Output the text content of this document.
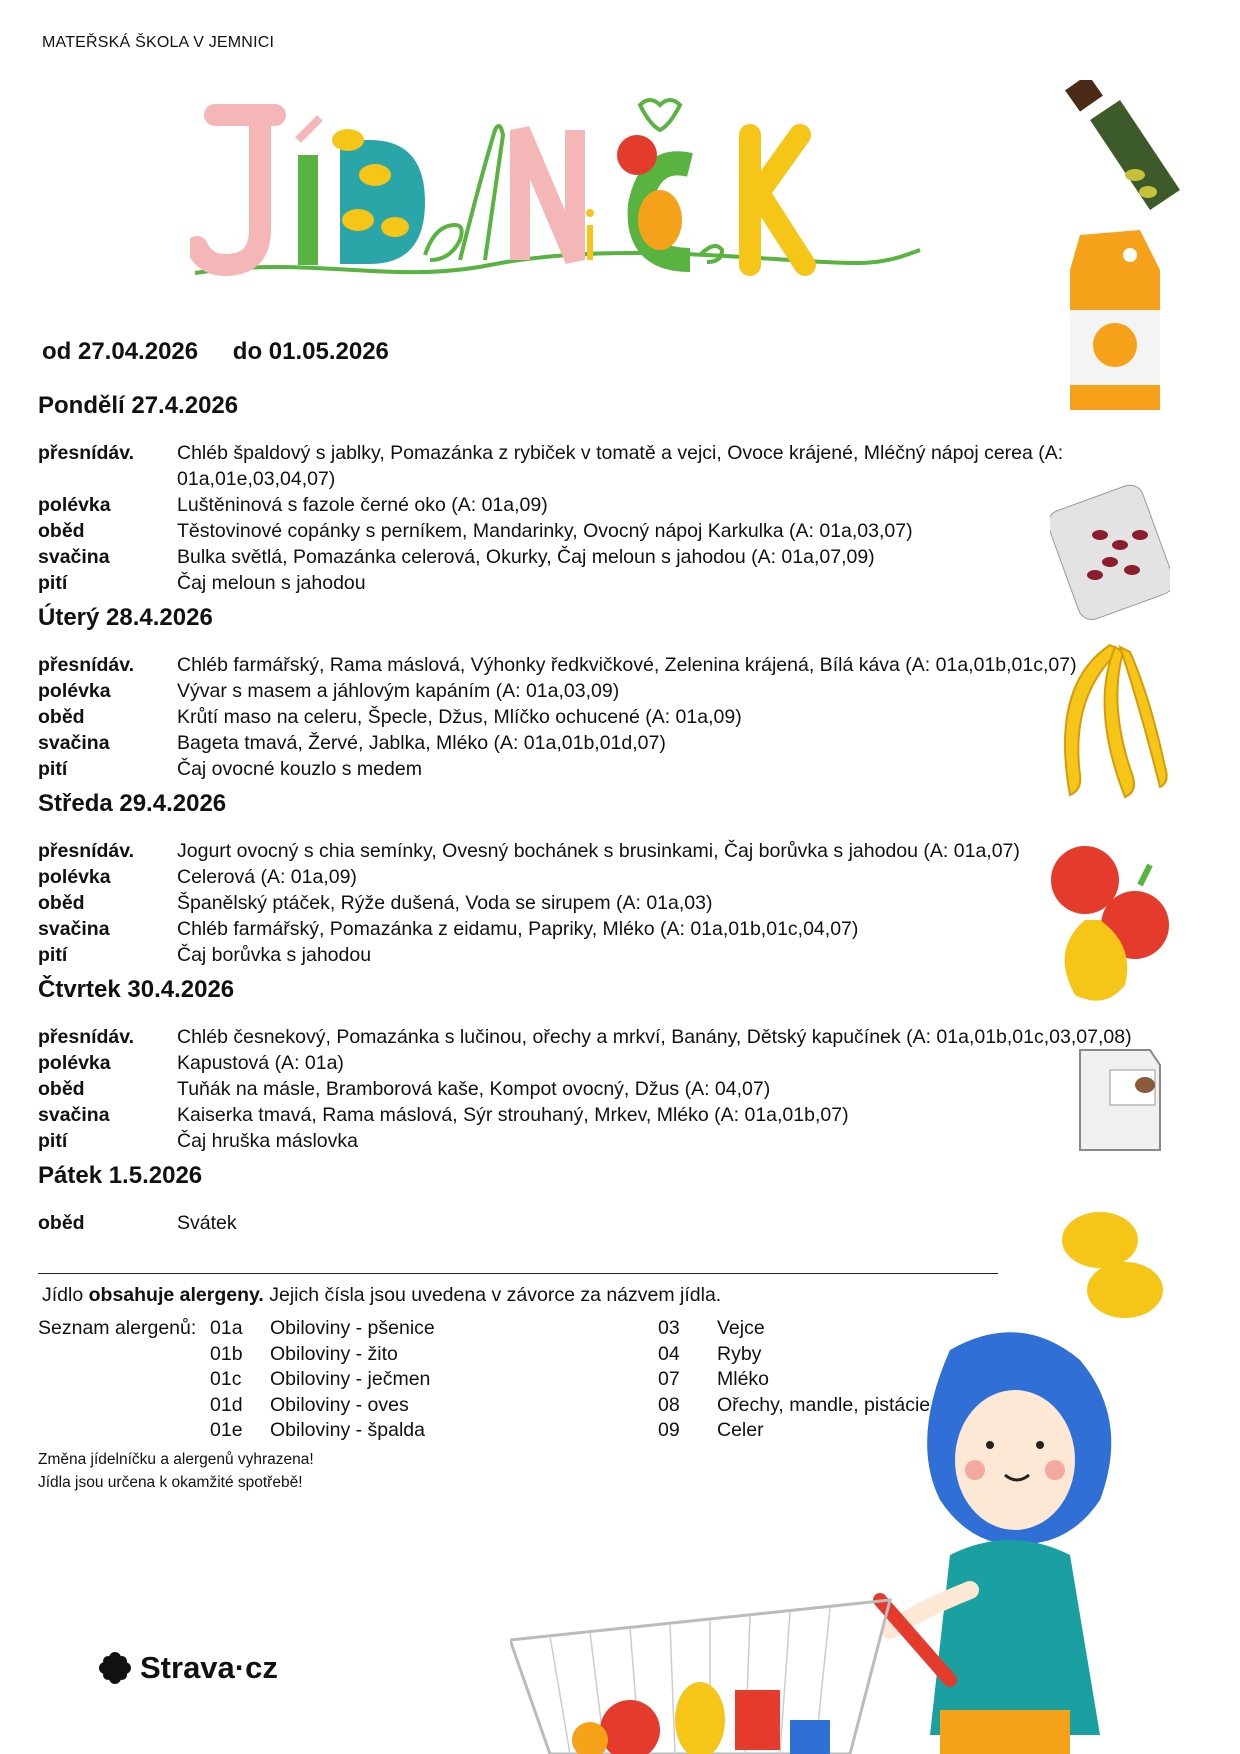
MATEŘSKÁ ŠKOLA V JEMNICI
od 27.04.2026 do 01.05.2026
Pondělí 27.4.2026
přesnídáv.	Chléb špaldový s jablky, Pomazánka z rybiček v tomatě a vejci, Ovoce krájené, Mléčný nápoj cerea (A: 01a,01e,03,04,07)
polévka	Luštěninová s fazole černé oko (A: 01a,09)
oběd	Těstovinové copánky s perníkem, Mandarinky, Ovocný nápoj Karkulka (A: 01a,03,07)
svačina	Bulka světlá, Pomazánka celerová, Okurky, Čaj meloun s jahodou (A: 01a,07,09)
pití	Čaj meloun s jahodou
Úterý 28.4.2026
přesnídáv.	Chléb farmářský, Rama máslová, Výhonky ředkvičkové, Zelenina krájená, Bílá káva (A: 01a,01b,01c,07)
polévka	Vývar s masem a jáhlovým kapáním (A: 01a,03,09)
oběd	Krůtí maso na celeru, Špecle, Džus, Mlíčko ochucené (A: 01a,09)
svačina	Bageta tmavá, Žervé, Jablka, Mléko (A: 01a,01b,01d,07)
pití	Čaj ovocné kouzlo s medem
Středa 29.4.2026
přesnídáv.	Jogurt ovocný s chia semínky, Ovesný bochánek s brusinkami, Čaj borůvka s jahodou (A: 01a,07)
polévka	Celerová (A: 01a,09)
oběd	Španělský ptáček, Rýže dušená, Voda se sirupem (A: 01a,03)
svačina	Chléb farmářský, Pomazánka z eidamu, Papriky, Mléko (A: 01a,01b,01c,04,07)
pití	Čaj borůvka s jahodou
Čtvrtek 30.4.2026
přesnídáv.	Chléb česnekový, Pomazánka s lučinou, ořechy a mrkví, Banány, Dětský kapučínek (A: 01a,01b,01c,03,07,08)
polévka	Kapustová (A: 01a)
oběd	Tuňák na másle, Bramborová kaše, Kompot ovocný, Džus (A: 04,07)
svačina	Kaiserka tmavá, Rama máslová, Sýr strouhaný, Mrkev, Mléko (A: 01a,01b,07)
pití	Čaj hruška máslovka
Pátek 1.5.2026
oběd	Svátek
Jídlo obsahuje alergeny. Jejich čísla jsou uvedena v závorce za názvem jídla.
Seznam alergenů: 01a	Obiloviny - pšenice
01b	Obiloviny - žito
01c	Obiloviny - ječmen
01d	Obiloviny - oves
01e	Obiloviny - špalda
03	Vejce
04	Ryby
07	Mléko
08	Ořechy, mandle, pistácie
09	Celer
Změna jídelníčku a alergenů vyhrazena!
Jídla jsou určena k okamžité spotřebě!
Strava·cz
